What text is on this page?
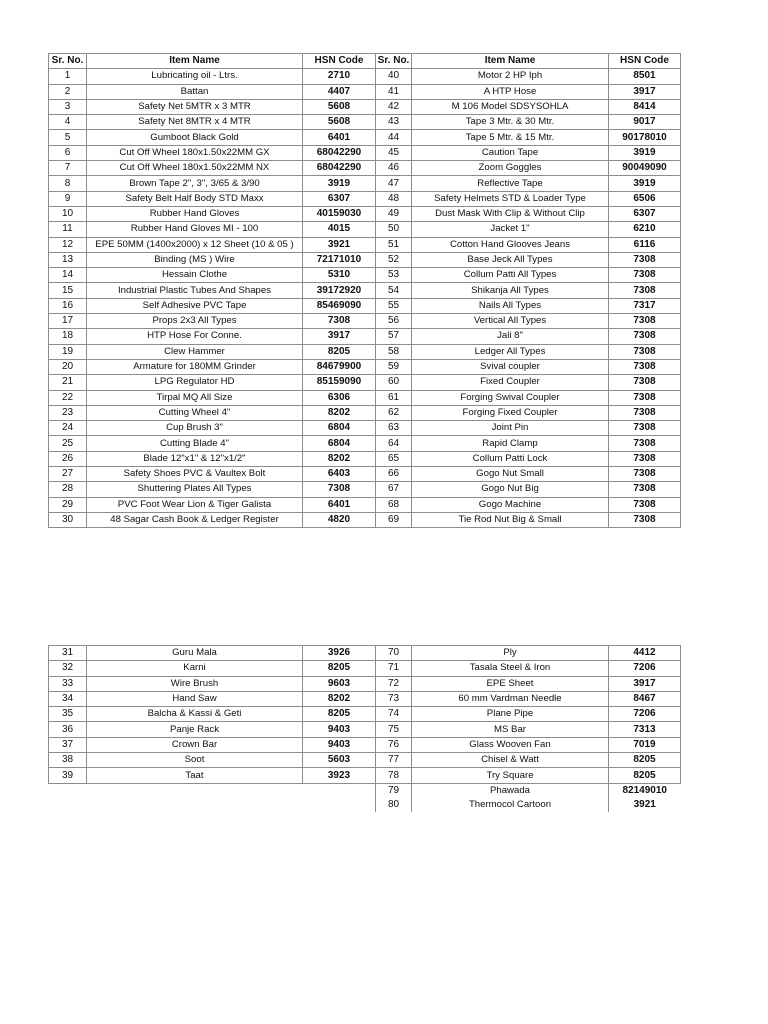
Sr. No.	Item Name	HSN Code	Sr. No.	Item Name	HSN Code
1	Lubricating oil - Ltrs.	2710	40	Motor 2 HP Iph	8501
2	Battan	4407	41	A HTP Hose	3917
3	Safety Net 5MTR x 3 MTR	5608	42	M 106 Model SDSYSOHLA	8414
4	Safety Net 8MTR x 4 MTR	5608	43	Tape 3 Mtr. & 30 Mtr.	9017
5	Gumboot Black Gold	6401	44	Tape 5 Mtr. & 15 Mtr.	90178010
6	Cut Off Wheel 180x1.50x22MM GX	68042290	45	Caution Tape	3919
7	Cut Off Wheel 180x1.50x22MM NX	68042290	46	Zoom Goggles	90049090
8	Brown Tape 2", 3", 3/65 & 3/90	3919	47	Reflective Tape	3919
9	Safety Belt Half Body STD Maxx	6307	48	Safety Helmets STD & Loader Type	6506
10	Rubber Hand Gloves	40159030	49	Dust Mask With Clip & Without Clip	6307
11	Rubber Hand Gloves MI - 100	4015	50	Jacket 1"	6210
12	EPE 50MM (1400x2000) x 12 Sheet (10 & 05 )	3921	51	Cotton Hand Glooves Jeans	6116
13	Binding (MS ) Wire	72171010	52	Base Jeck All Types	7308
14	Hessain Clothe	5310	53	Collum Patti All Types	7308
15	Industrial Plastic Tubes And Shapes	39172920	54	Shikanja All Types	7308
16	Self Adhesive PVC Tape	85469090	55	Nails All Types	7317
17	Props 2x3 All Types	7308	56	Vertical All Types	7308
18	HTP Hose For Conne.	3917	57	Jali 8"	7308
19	Clew Hammer	8205	58	Ledger All Types	7308
20	Armature for 180MM Grinder	84679900	59	Svival coupler	7308
21	LPG Regulator HD	85159090	60	Fixed Coupler	7308
22	Tirpal MQ All Size	6306	61	Forging Swival Coupler	7308
23	Cutting Wheel 4"	8202	62	Forging Fixed Coupler	7308
24	Cup Brush 3"	6804	63	Joint Pin	7308
25	Cutting Blade 4"	6804	64	Rapid Clamp	7308
26	Blade 12"x1" & 12"x1/2"	8202	65	Collum Patti Lock	7308
27	Safety Shoes PVC & Vaultex Bolt	6403	66	Gogo Nut Small	7308
28	Shuttering Plates All Types	7308	67	Gogo Nut Big	7308
29	PVC Foot Wear Lion & Tiger Galista	6401	68	Gogo Machine	7308
30	48 Sagar Cash Book & Ledger Register	4820	69	Tie Rod Nut Big & Small	7308
31	Guru Mala	3926	70	Ply	4412
32	Karni	8205	71	Tasala Steel & Iron	7206
33	Wire Brush	9603	72	EPE Sheet	3917
34	Hand Saw	8202	73	60 mm Vardman Needle	8467
35	Balcha & Kassi & Geti	8205	74	Plane Pipe	7206
36	Panje Rack	9403	75	MS Bar	7313
37	Crown Bar	9403	76	Glass Wooven Fan	7019
38	Soot	5603	77	Chisel & Watt	8205
39	Taat	3923	78	Try Square	8205
			79	Phawada	82149010
			80	Thermocol Cartoon	3921
